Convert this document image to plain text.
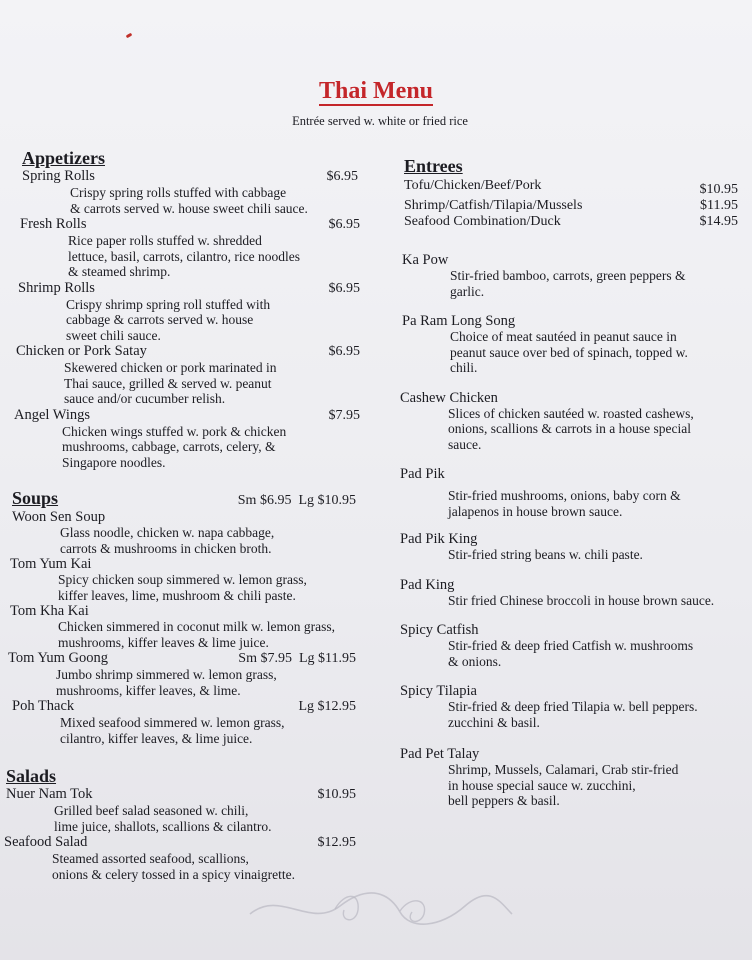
Thai Menu

Entrée served w. white or fried rice

Appetizers
Spring Rolls	$6.95
Crispy spring rolls stuffed with cabbage
& carrots served w. house sweet chili sauce.
Fresh Rolls	$6.95
Rice paper rolls stuffed w. shredded
lettuce, basil, carrots, cilantro, rice noodles
& steamed shrimp.
Shrimp Rolls	$6.95
Crispy shrimp spring roll stuffed with
cabbage & carrots served w. house
sweet chili sauce.
Chicken or Pork Satay	$6.95
Skewered chicken or pork marinated in
Thai sauce, grilled & served w. peanut
sauce and/or cucumber relish.
Angel Wings	$7.95
Chicken wings stuffed w. pork & chicken
mushrooms, cabbage, carrots, celery, &
Singapore noodles.
Soups	Sm $6.95  Lg $10.95
Woon Sen Soup
Glass noodle, chicken w. napa cabbage,
carrots & mushrooms in chicken broth.
Tom Yum Kai
Spicy chicken soup simmered w. lemon grass,
kiffer leaves, lime, mushroom & chili paste.
Tom Kha Kai
Chicken simmered in coconut milk w. lemon grass,
mushrooms, kiffer leaves & lime juice.
Tom Yum Goong	Sm $7.95  Lg $11.95
Jumbo shrimp simmered w. lemon grass,
mushrooms, kiffer leaves, & lime.
Poh Thack	Lg $12.95
Mixed seafood simmered w. lemon grass,
cilantro, kiffer leaves, & lime juice.
Salads
Nuer Nam Tok	$10.95
Grilled beef salad seasoned w. chili,
lime juice, shallots, scallions & cilantro.
Seafood Salad	$12.95
Steamed assorted seafood, scallions,
onions & celery tossed in a spicy vinaigrette.
Entrees
Tofu/Chicken/Beef/Pork	$10.95
Shrimp/Catfish/Tilapia/Mussels	$11.95
Seafood Combination/Duck	$14.95
Ka Pow
Stir-fried bamboo, carrots, green peppers &
garlic.
Pa Ram Long Song
Choice of meat sautéed in peanut sauce in
peanut sauce over bed of spinach, topped w.
chili.
Cashew Chicken
Slices of chicken sautéed w. roasted cashews,
onions, scallions & carrots in a house special
sauce.
Pad Pik
Stir-fried mushrooms, onions, baby corn &
jalapenos in house brown sauce.
Pad Pik King
Stir-fried string beans w. chili paste.
Pad King
Stir fried Chinese broccoli in house brown sauce.
Spicy Catfish
Stir-fried & deep fried Catfish w. mushrooms
& onions.
Spicy Tilapia
Stir-fried & deep fried Tilapia w. bell peppers.
zucchini & basil.
Pad Pet Talay
Shrimp, Mussels, Calamari, Crab stir-fried
in house special sauce w. zucchini,
bell peppers & basil.
